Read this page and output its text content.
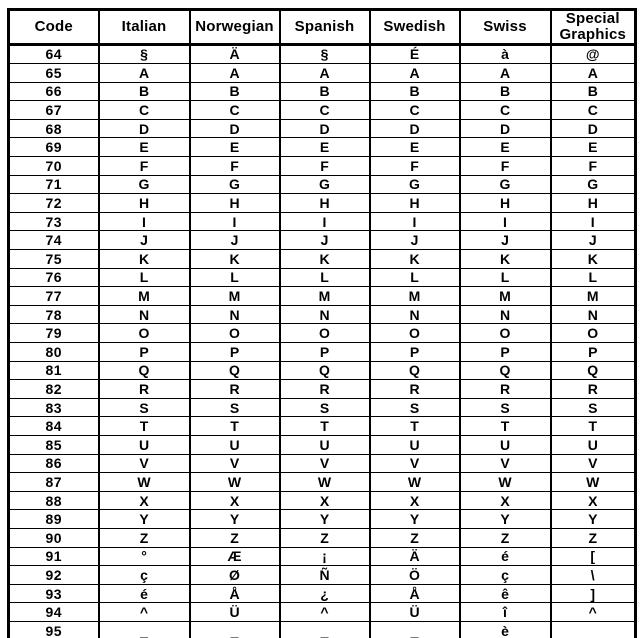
Code	Italian	Norwegian	Spanish	Swedish	Swiss	Special Graphics
64	§	Ä	§	É	à	@
65	A	A	A	A	A	A
66	B	B	B	B	B	B
67	C	C	C	C	C	C
68	D	D	D	D	D	D
69	E	E	E	E	E	E
70	F	F	F	F	F	F
71	G	G	G	G	G	G
72	H	H	H	H	H	H
73	I	I	I	I	I	I
74	J	J	J	J	J	J
75	K	K	K	K	K	K
76	L	L	L	L	L	L
77	M	M	M	M	M	M
78	N	N	N	N	N	N
79	O	O	O	O	O	O
80	P	P	P	P	P	P
81	Q	Q	Q	Q	Q	Q
82	R	R	R	R	R	R
83	S	S	S	S	S	S
84	T	T	T	T	T	T
85	U	U	U	U	U	U
86	V	V	V	V	V	V
87	W	W	W	W	W	W
88	X	X	X	X	X	X
89	Y	Y	Y	Y	Y	Y
90	Z	Z	Z	Z	Z	Z
91	°	Æ	¡	Ä	é	[
92	ç	Ø	Ñ	Ö	ç	\
93	é	Å	¿	Å	ê	]
94	^	Ü	^	Ü	î	^
95	_	_	_	_	è	
